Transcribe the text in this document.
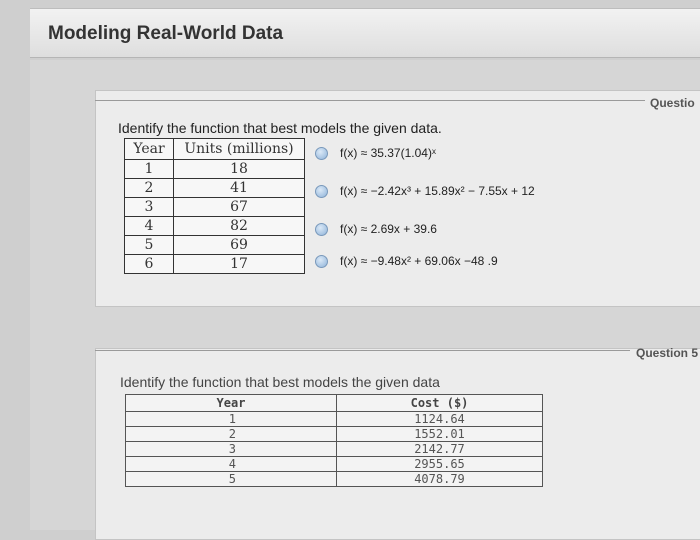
Modeling Real-World Data
Questio
Identify the function that best models the given data.
Year	Units (millions)
1	18
2	41
3	67
4	82
5	69
6	17
f(x) ≈ 35.37(1.04)ˣ
f(x) ≈ −2.42x³ + 15.89x² − 7.55x + 12
f(x) ≈ 2.69x + 39.6
f(x) ≈ −9.48x² + 69.06x −48 .9
Question 5
Identify the function that best models the given data
Year	Cost ($)
1	1124.64
2	1552.01
3	2142.77
4	2955.65
5	4078.79
